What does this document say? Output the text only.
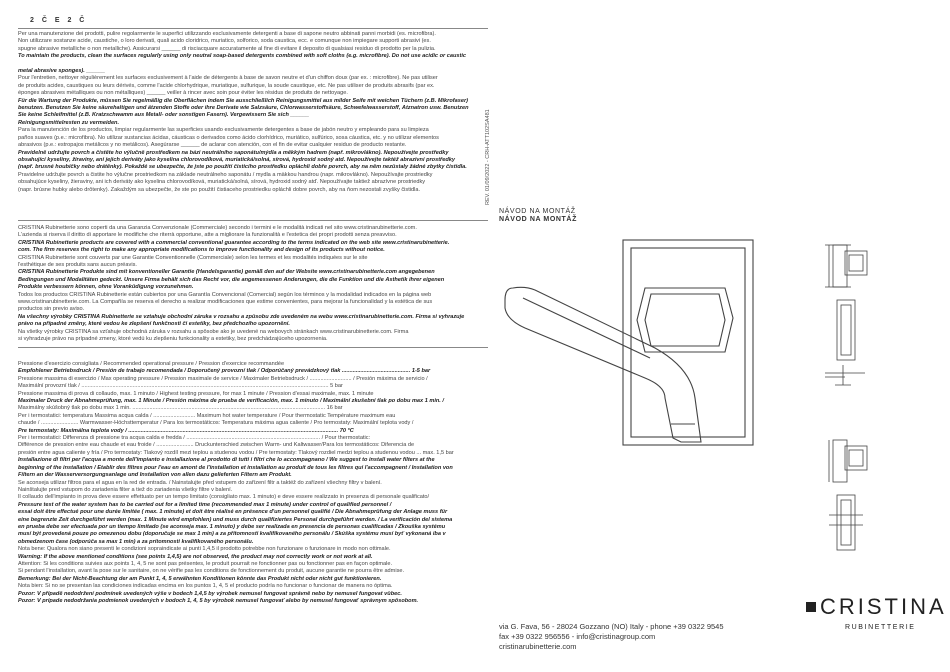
2 Č E 2 Č
Per una manutenzione dei prodotti, pulire regolarmente le superfici utilizzando esclusivamente detergenti a base di sapone neutro abbinati panni morbidi (es. microfibra).
Non utilizzare sostanze acide, caustiche, o loro derivati, quali acido cloridrico, muriatico, solforico, soda caustica, ecc. e comunque non impiegare supporti abrasivi (es.
spugne abrasive metalliche o non metalliche). Assicurarsi ______ di risciacquare accuratamente al fine di evitare il deposito di qualsiasi residuo di prodotto per la pulizia.
To maintain the products, clean the surfaces regularly using only neutral soap-based detergents combined with soft cloths (e.g. microfibre). Do not use acidic or caustic

metal abrasive sponges). ______
Pour l'entretien, nettoyer régulièrement les surfaces exclusivement à l'aide de détergents à base de savon neutre et d'un chiffon doux (par ex. : microfibre). Ne pas utiliser
de produits acides, caustiques ou leurs dérivés, comme l'acide chlorhydrique, muriatique, sulfurique, la soude caustique, etc. Ne pas utiliser de produits abrasifs (par ex.
éponges abrasives métalliques ou non métalliques) ______ veiller à rincer avec soin pour éviter les résidus de produits de nettoyage.
Für die Wartung der Produkte, müssen Sie regelmäßig die Oberflächen indem Sie ausschließlich Reinigungsmittel aus milder Seife mit weichen Tüchern (z.B. Mikrofaser)
benutzen. Benutzen Sie keine säurehaltigen und ätzenden Stoffe oder ihre Derivate wie Salzsäure, Chlorwasserstoffsäure, Schwefelwasserstoff, Ätznatron usw. Benutzen
Sie keine Schleifmittel (z.B. Kratzschwamm aus Metall- oder sonstigen Fasern). Vergewissern Sie sich ______
Reinigungsmittelresten zu vermeiden.
Para la manutención de los productos, limpiar regularmente las superficies usando exclusivamente detergentes a base de jabón neutro y empleando para su limpieza
paños suaves (p.e.: microfibra). No utilizar sustancias ácidas, cáusticas o derivados como ácido clorhídrico, muriático, sulfúrico, sosa cáustica, etc. y no utilizar elementos
abrasivos (p.e.: estropajos metálicos y no metálicos). Asegúrarse ______ de aclarar con atención, con el fin de evitar cualquier residuo de producto restante.
Pravidelně udržujte povrch a čistěte ho výlučně prostředkem na bázi neutrálního saponátu/mýdla a měkkým hadrem (např. mikrovlákno). Nepoužívejte prostředky
obsahující kyseliny, žíraviny, ani jejich deriváty jako kyselina chlorovodíková, muriatická/solná, sírová, hydroxid sodný atd. Nepoužívejte taktéž abrazivní prostředky
(např. brusné houbičky nebo drátěnky). Pokaždé se ubezpečte, že jste po použití čisticího prostředku opláchli dobře povrch, aby na něm nezůstaly žádné zbytky čistidla.
Pravidelne udržujte povrch a čistite ho výlučne prostriedkom na základe neutrálneho saponátu / mydla a mäkkou handrou (napr. mikrovlákno). Nepoužívajte prostriedky
obsahujúce kyseliny, žieraviny, ani ich deriváty ako kyselina chlorovodíková, muriatická/solná, sírová, hydroxid sodný atď. Nepoužívajte taktiež abrazívne prostriedky
(napr. brúsne hubky alebo drôtenky). Zakaždým sa ubezpečte, že ste po použití čistiaceho prostriedku opláchli dobre povrch, aby na ňom nezostali zvyšky čistidla.	REV. 01/09/2022 - CRH-ATT102SA481
CRISTINA Rubinetterie sono coperti da una Garanzia Convenzionale (Commerciale) secondo i termini e le modalità indicati nel sito www.cristinarubinetterie.com.
L'azienda si riserva il diritto di apportare le modifiche che riterrà opportune, atte a migliorare la funzionalità e l'estetica dei propri prodotti senza preavviso.
CRISTINA Rubinetterie products are covered with a commercial conventional guarantee according to the terms indicated on the web site www.cristinarubinetterie.
com. The firm reserves the right to make any appropriate modifications to improve functionality and design of its products without notice.
CRISTINA Rubinetterie sont couverts par une Garantie Conventionnelle (Commerciale) selon les termes et les modalités indiquées sur le site
l'esthétique de ses produits sans aucun préavis.
CRISTINA Rubinetterie Produkte sind mit konventioneller Garantie (Handelsgarantie) gemäß den auf der Website www.cristinarubinetterie.com angegebenen
Bedingungen und Modalitäten gedeckt. Unsere Firma behält sich das Recht vor, die angemessenen Änderungen, die die Funktion und die Ästhetik ihrer eigenen
Produkte verbessern können, ohne Voranküdigung vorzunehmen.
Todos los productos CRISTINA Rubinetterie están cubiertos por una Garantía Convencional (Comercial) según los términos y la modalidad indicados en la página web
www.cristinarubinetterie.com. La Compañía se reserva el derecho a realizar modificaciones que estime convenientes, para mejorar la funcionalidad y la estética de sus
productos sin previo aviso.
Na všechny výrobky CRISTINA Rubinetterie se vztahuje obchodní záruka v rozsahu a způsobu zde uvedeném na webu www.cristinarubinetterie.com. Firma si vyhrazuje
právo na případné změny, které vedou ke zlepšení funkčnosti či estetiky, bez předchozího upozornění.
Na všetky výrobky CRISTINA sa vzťahuje obchodná záruka v rozsahu a spôsobe ako je uvedené na webovych stránkach www.cristinarubinetterie.com. Firma
si vyhradzuje právo na prípadné zmeny, ktoré vedú ku zlepšeniu funkcionality a estetiky, bez predchádzajúceho upozornenia.
Pressione d'esercizio consigliata / Recommended operational pressure / Pression d'exercice recommandée
Empfohlener Betriebsdruck / Presión de trabajo recomendada / Doporučený provozní tlak / Odporúčaný prevádzkový tlak ............................................ 1-5 bar
Pressione massima di esercizio / Max operating pressure / Pression maximale de service / Maximaler Betriebsdruck / ........................... / Presión máxima de servicio /
Maximální provozní tlak / ............................................................................................................................................................... 5 bar
Pressione massima di prova di collaudo, max. 1 minuto / Highest testing pressure, for max 1 minute / Pression d'essai maximale, max. 1 minute
Maximaler Druck der Abnahmeprüfung, max. 1 Minute / Presión máxima de prueba de verificación, max. 1 minuto / Maximální zkušební tlak po dobu max 1 min. /
Maximálny skúšobný tlak po dobu max 1 min. ............................................................................................................................ 16 bar
Per i termostatici: temperatura Massima acqua calda / ........................... Maximum hot water temperature / Pour thermostatic Température maximum eau
chaude / ........................ Warmwasser-Höchsttemperatur / Para los termostáticos: Temperatura máxima agua caliente / Pro termostaty: Maximální teplota vody /
Pre termostaty: Maximálna teplota vody / ....................................................................................................................................... 70 °C
Per i termostatici: Differenza di pressione tra acqua calda e fredda / ...................................................................................... / Pour thermostatic:
Différence de pression entre eau chaude et eau froide / ........................ Druckunterschied zwischen Warm- und Kaltwasser/Para los termostáticos: Diferencia de
presión entre agua caliente y fría / Pro termostaty: Tlakový rozdíl mezi teplou a studenou vodou / Pre termostaty: Tlakový rozdiel medzi teplou a studenou vodou ... max. 1,5 bar
Installazione di filtri per l'acqua a monte dell'impianto e installazione al prodotto di tutti i filtri che lo accompagnano / We suggest to install water filters at the
beginning of the installation / Établir des filtres pour l'eau en amont de l'installation et installation au produit de tous les filtres qui l'accompagnent / Installation von
Filtern an der Wasserversorgungsanlage und Installation von allen dazu gelieferten Filtern am Produkt.
Se aconseja utilizar filtros para el agua en la red de entrada. / Nainstalujte před vstupem do zařízení filtr a taktéž do zařízení všechny filtry v balení.
Nainštalujte pred vstupom do zariadenia filter a tiež do zariadenia všetky filtre v balení.
Il collaudo dell'impianto in prova deve essere effettuato per un tempo limitato (consigliato max. 1 minuto) e deve essere realizzato in presenza di personale qualificato/
Pressure test of the water system has to be carried out for a limited time (recommended max 1 minute) under control of qualified personnel /
essai doit être effectué pour une durée limitée ( max. 1 minute) et doit être réalisé en présence d'un personnel qualifié / Die Abnahmeprüfung der Anlage muss für
eine begrenzte Zeit durchgeführt werden (max. 1 Minute wird empfohlen) und muss durch qualifiziertes Personal durchgeführt werden. / La verificación del sistema
en prueba debe ser efectuada por un tiempo limitado (se aconseja max. 1 minuto) y debe ser realizada en presencia de personas cualificadas / Zkouška systému
musí být provedená pouze po omezenou dobu (doporučuje se max 1 min) a za přítomnosti kvalifikovaného personálu / Skúška systému musí byť vykonaná iba v
obmedzenom čase (odporúča sa max 1 min) a za prítomnosti kvalifikovaného personálu.
Nota bene: Qualora non siano presenti le condizioni sopraindicate ai punti 1,4,5 il prodotto potrebbe non funzionare o funzionare in modo non ottimale.
Warning: If the above mentioned conditions (see points 1,4,5) are not observed, the product may not correctly work or not work at all.
Attention: Si les conditions suivies aux points 1, 4, 5 ne sont pas présentes, le produit pourrait ne fonctionner pas ou fonctionner pas en façon optimale.
Si pendant l'installation, avant la pose sur le sanitaire, on ne vérifie pas les conditions de fonctionnement du produit, aucune garantie ne pourra être admise.
Bemerkung: Bei der Nicht-Beachtung der am Punkt 1, 4, 5 erwähnten Konditionen könnte das Produkt nicht oder nicht gut funktionieren.
Nota bien: Si no se presentan las condiciones indicadas encima en los puntos 1, 4, 5 el producto podría no funcionar o funcionar de manera no óptima.
Pozor: V případě nedodržení podmínek uvedených výše v bodech 1,4,5 by výrobek nemusel fungovat správně nebo by nemusel fungovat vůbec.
Pozor: V prípade nedodržania podmienok uvedených v bodoch 1, 4, 5 by výrobok nemusel fungovať alebo by nemusel fungovať správnym spôsobom.
NÁVOD NA MONTÁŽ
NÁVOD NA MONTÁŽ
CRISTINA
RUBINETTERIE
via G. Fava, 56 - 28024 Gozzano (NO) Italy - phone +39 0322 9545
fax +39 0322 956556 - info@cristinagroup.com
cristinarubinetterie.com
